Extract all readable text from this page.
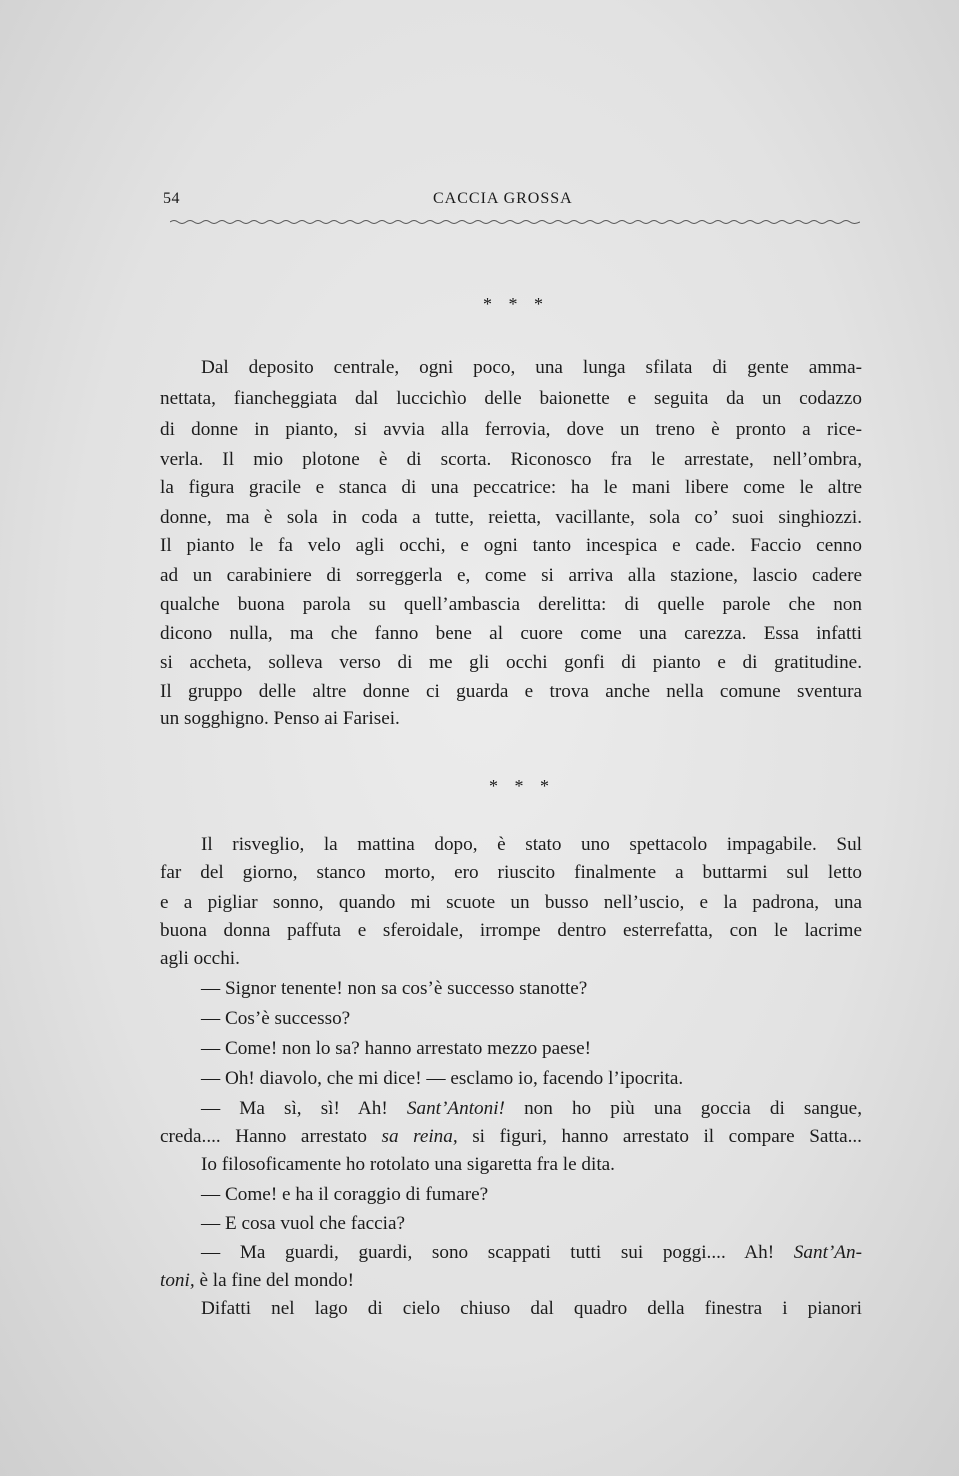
54	CACCIA GROSSA
* * *
Dal deposito centrale, ogni poco, una lunga sfilata di gente amma-
nettata, fiancheggiata dal luccichìo delle baionette e seguita da un codazzo
di donne in pianto, si avvia alla ferrovia, dove un treno è pronto a rice-
verla. Il mio plotone è di scorta. Riconosco fra le arrestate, nell’ombra,
la figura gracile e stanca di una peccatrice: ha le mani libere come le altre
donne, ma è sola in coda a tutte, reietta, vacillante, sola co’ suoi singhiozzi.
Il pianto le fa velo agli occhi, e ogni tanto incespica e cade. Faccio cenno
ad un carabiniere di sorreggerla e, come si arriva alla stazione, lascio cadere
qualche buona parola su quell’ambascia derelitta: di quelle parole che non
dicono nulla, ma che fanno bene al cuore come una carezza. Essa infatti
si accheta, solleva verso di me gli occhi gonfi di pianto e di gratitudine.
Il gruppo delle altre donne ci guarda e trova anche nella comune sventura
un sogghigno. Penso ai Farisei.
* * *
Il risveglio, la mattina dopo, è stato uno spettacolo impagabile. Sul
far del giorno, stanco morto, ero riuscito finalmente a buttarmi sul letto
e a pigliar sonno, quando mi scuote un busso nell’uscio, e la padrona, una
buona donna paffuta e sferoidale, irrompe dentro esterrefatta, con le lacrime
agli occhi.
— Signor tenente! non sa cos’è successo stanotte?
— Cos’è successo?
— Come! non lo sa? hanno arrestato mezzo paese!
— Oh! diavolo, che mi dice! — esclamo io, facendo l’ipocrita.
— Ma sì, sì! Ah! Sant’Antoni! non ho più una goccia di sangue,
creda.... Hanno arrestato sa reina, si figuri, hanno arrestato il compare Satta...
Io filosoficamente ho rotolato una sigaretta fra le dita.
— Come! e ha il coraggio di fumare?
— E cosa vuol che faccia?
— Ma guardi, guardi, sono scappati tutti sui poggi.... Ah! Sant’An-
toni, è la fine del mondo!
Difatti nel lago di cielo chiuso dal quadro della finestra i pianori
